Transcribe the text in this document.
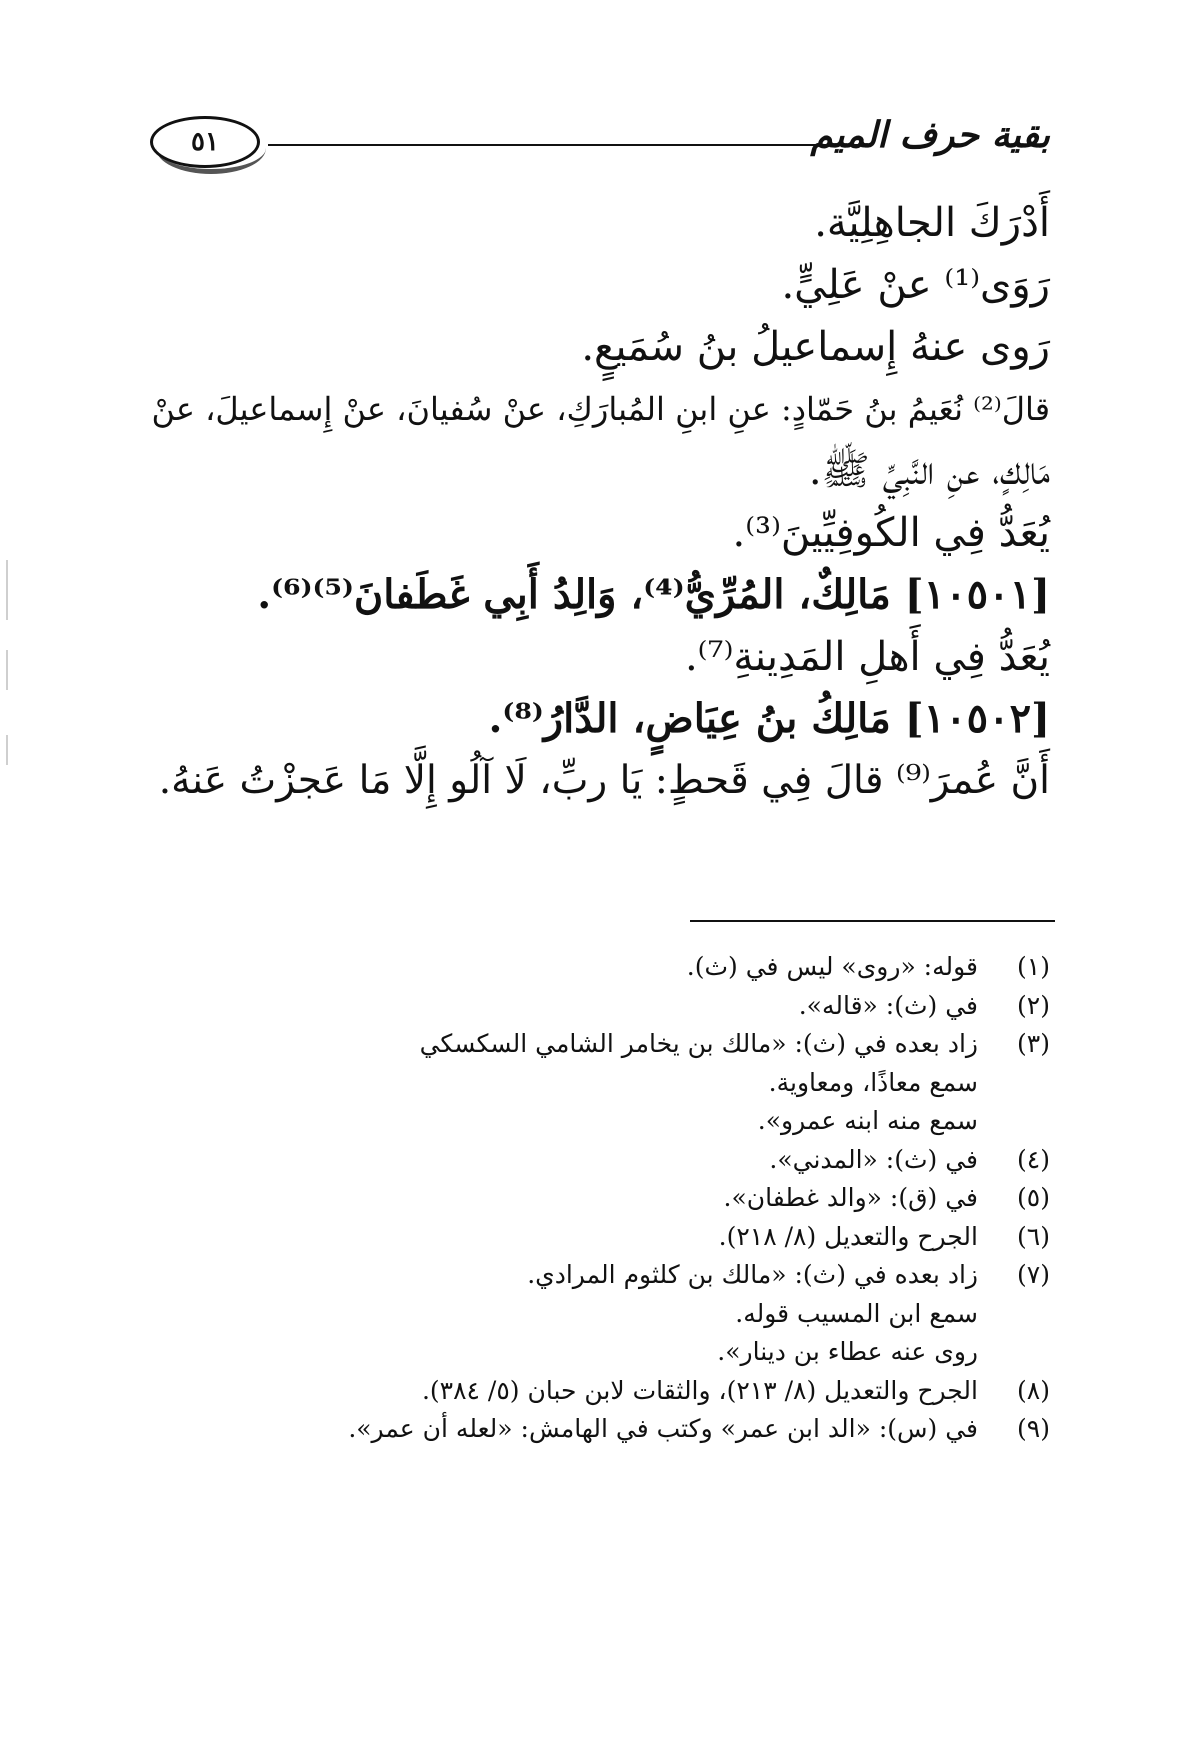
٥١	بقية حرف الميم

أَدْرَكَ الجاهِلِيَّة.

رَوَى⁽¹⁾ عنْ عَلِيٍّ.

رَوى عنهُ إِسماعيلُ بنُ سُمَيعٍ.

قالَ⁽²⁾ نُعَيمُ بنُ حَمّادٍ: عنِ ابنِ المُبارَكِ، عنْ سُفيانَ، عنْ إِسماعيلَ، عنْ

مَالِكٍ، عنِ النَّبِيِّ ﷺ.

يُعَدُّ فِي الكُوفِيِّينَ⁽³⁾.

[١٠٥٠١] مَالِكٌ، المُرِّيُّ⁽⁴⁾، وَالِدُ أَبِي غَطَفانَ⁽⁵⁾⁽⁶⁾.

يُعَدُّ فِي أَهلِ المَدِينةِ⁽⁷⁾.

[١٠٥٠٢] مَالِكُ بنُ عِيَاضٍ، الدَّارُ⁽⁸⁾.

أَنَّ عُمرَ⁽⁹⁾ قالَ فِي قَحطٍ: يَا ربِّ، لَا آلُو إِلَّا مَا عَجزْتُ عَنهُ.

(١)
قوله: «روى» ليس في (ث).
(٢)
في (ث): «قاله».
(٣)
زاد بعده في (ث): «مالك بن يخامر الشامي السكسكي
سمع معاذًا، ومعاوية.
سمع منه ابنه عمرو».
(٤)
في (ث): «المدني».
(٥)
في (ق): «والد غطفان».
(٦)
الجرح والتعديل (٨/ ٢١٨).
(٧)
زاد بعده في (ث): «مالك بن كلثوم المرادي.
سمع ابن المسيب قوله.
روى عنه عطاء بن دينار».
(٨)
الجرح والتعديل (٨/ ٢١٣)، والثقات لابن حبان (٥/ ٣٨٤).
(٩)
في (س): «الد ابن عمر» وكتب في الهامش: «لعله أن عمر».
